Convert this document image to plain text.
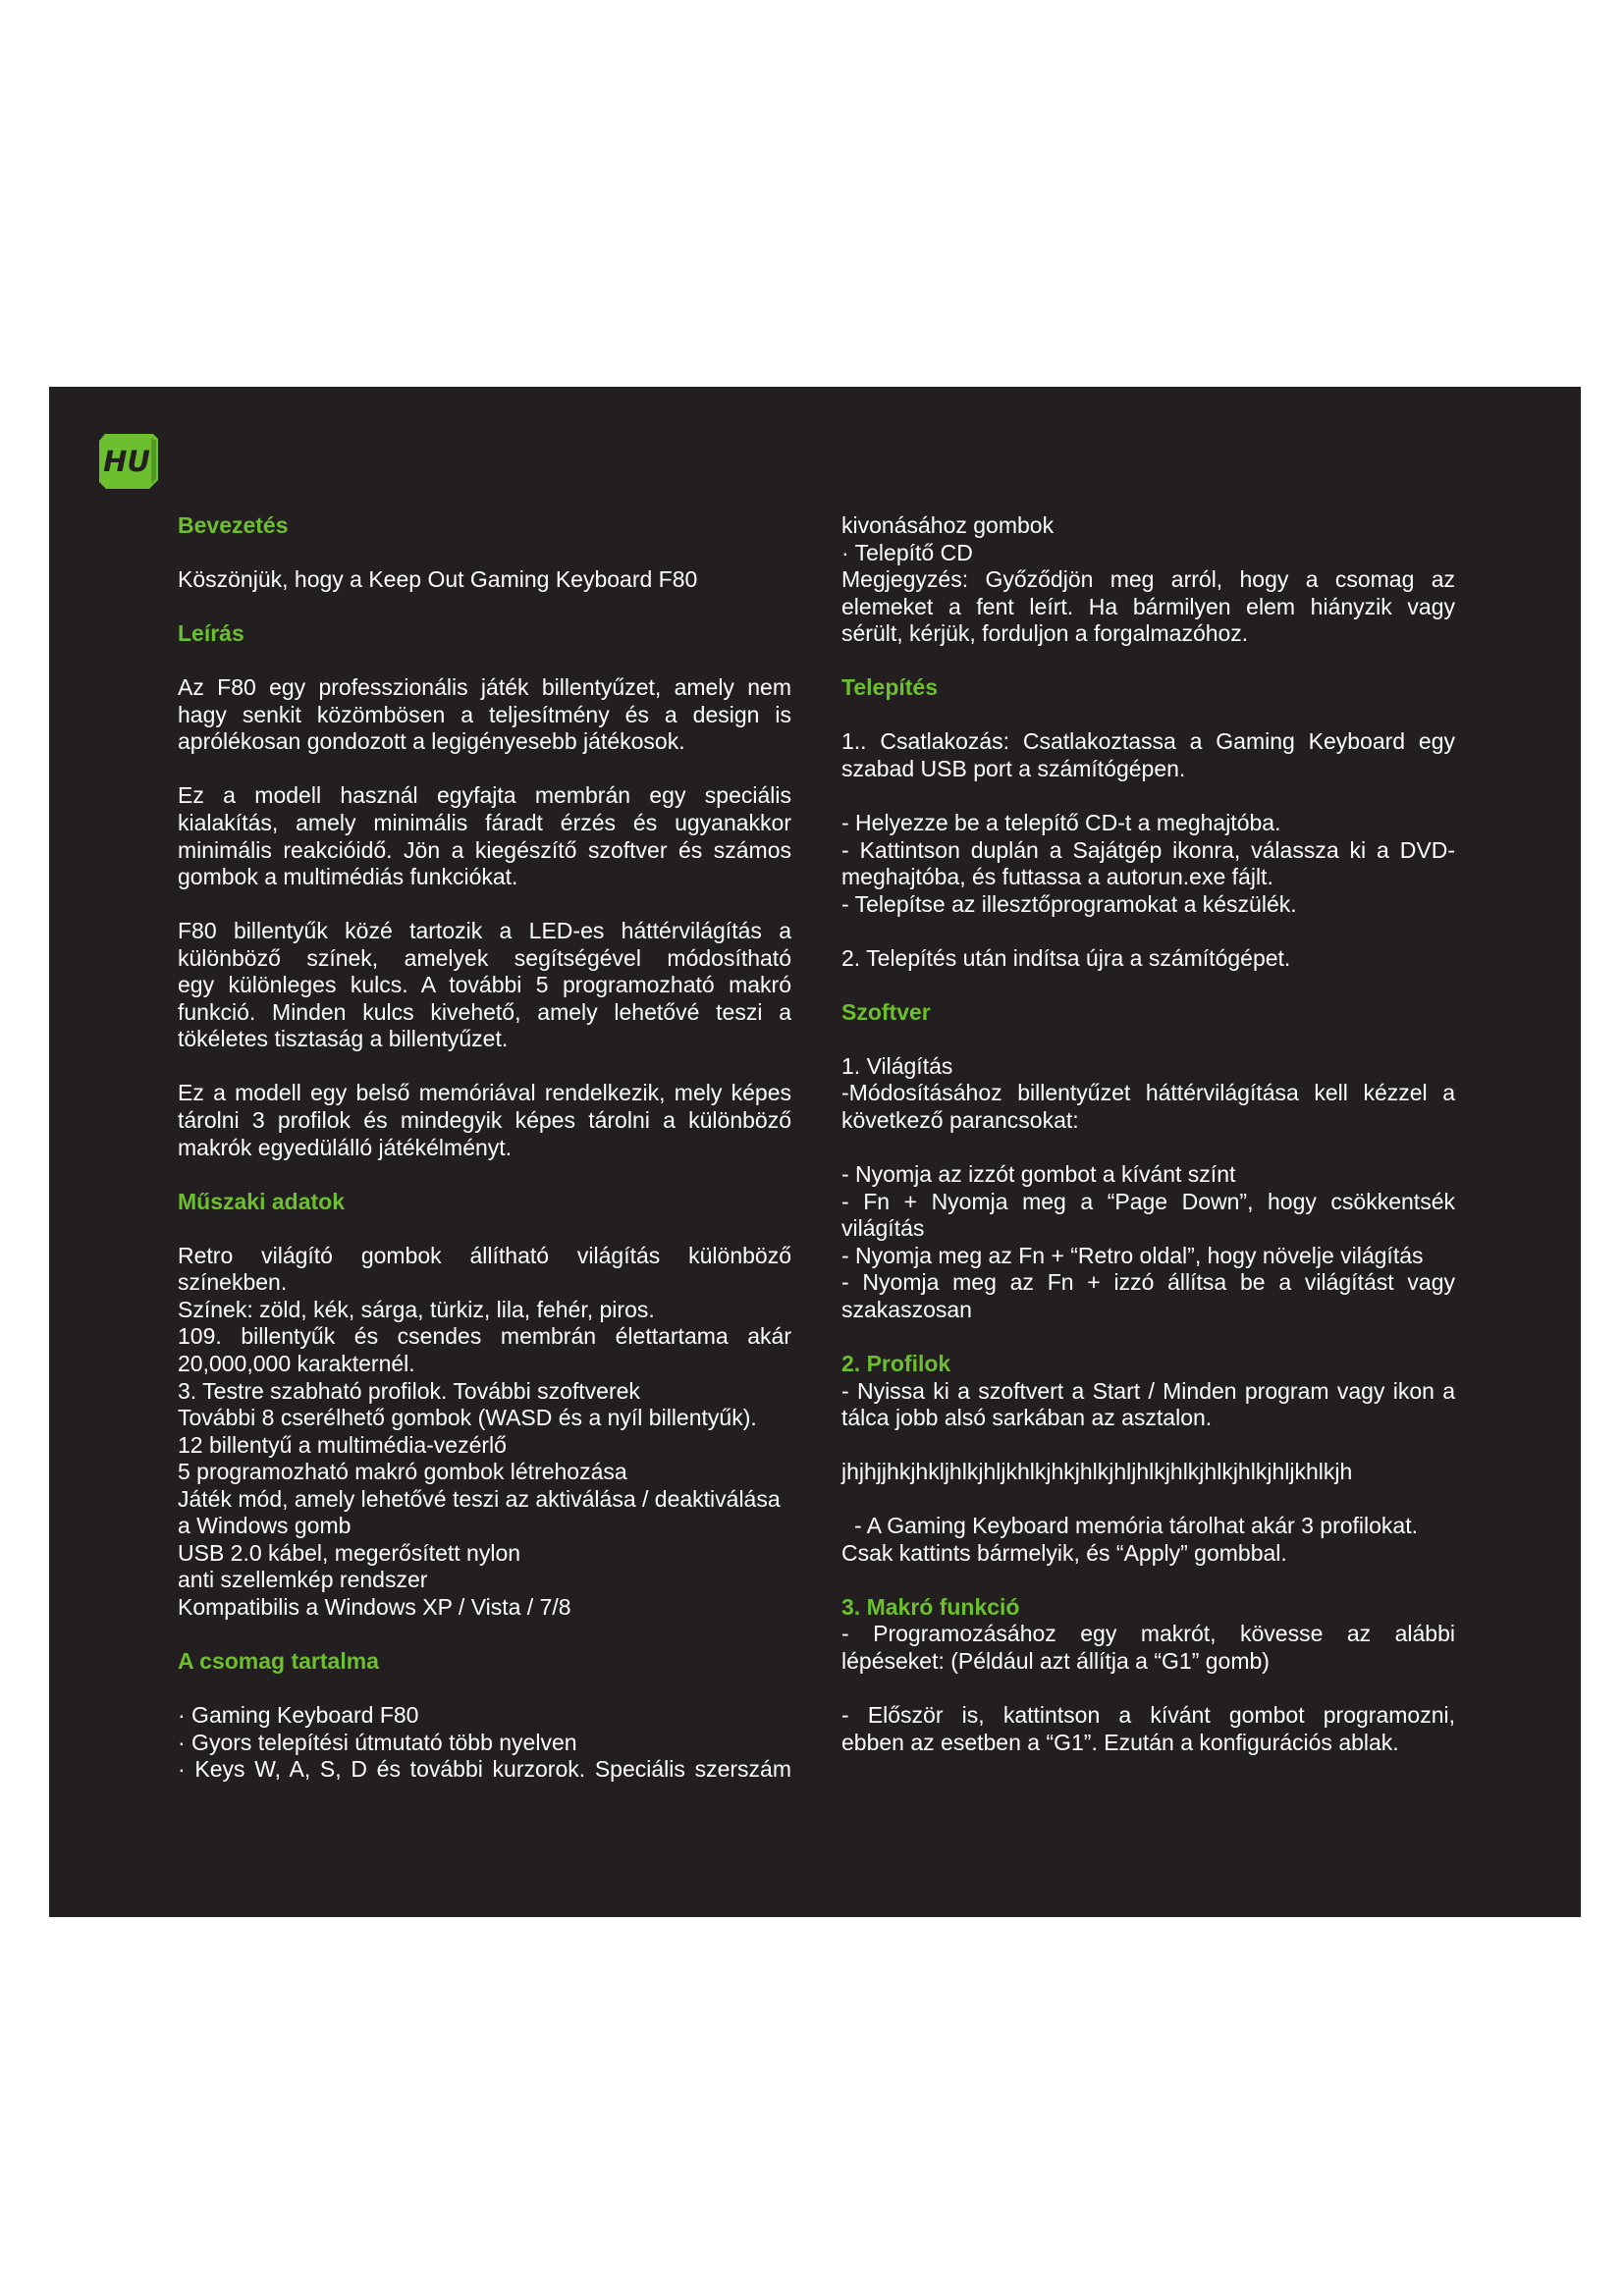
HU
Bevezetés
Köszönjük, hogy a Keep Out Gaming Keyboard F80
Leírás
Az F80 egy professzionális játék billentyűzet, amely nem
hagy senkit közömbösen a teljesítmény és a design is
aprólékosan gondozott a legigényesebb játékosok.
Ez a modell használ egyfajta membrán egy speciális
kialakítás, amely minimális fáradt érzés és ugyanakkor
minimális reakcióidő. Jön a kiegészítő szoftver és számos
gombok a multimédiás funkciókat.
F80 billentyűk közé tartozik a LED-es háttérvilágítás a
különböző színek, amelyek segítségével módosítható
egy különleges kulcs. A további 5 programozható makró
funkció. Minden kulcs kivehető, amely lehetővé teszi a
tökéletes tisztaság a billentyűzet.
Ez a modell egy belső memóriával rendelkezik, mely képes
tárolni 3 profilok és mindegyik képes tárolni a különböző
makrók egyedülálló játékélményt.
Műszaki adatok
Retro világító gombok állítható világítás különböző
színekben.
Színek: zöld, kék, sárga, türkiz, lila, fehér, piros.
109. billentyűk és csendes membrán élettartama akár
20,000,000 karakternél.
3. Testre szabható profilok. További szoftverek
További 8 cserélhető gombok (WASD és a nyíl billentyűk).
12 billentyű a multimédia-vezérlő
5 programozható makró gombok létrehozása
Játék mód, amely lehetővé teszi az aktiválása / deaktiválása
a Windows gomb
USB 2.0 kábel, megerősített nylon
anti szellemkép rendszer
Kompatibilis a Windows XP / Vista / 7/8
A csomag tartalma
· Gaming Keyboard F80
· Gyors telepítési útmutató több nyelven
· Keys W, A, S, D és további kurzorok. Speciális szerszám
kivonásához gombok
· Telepítő CD
Megjegyzés: Győződjön meg arról, hogy a csomag az
elemeket a fent leírt. Ha bármilyen elem hiányzik vagy
sérült, kérjük, forduljon a forgalmazóhoz.
Telepítés
1.. Csatlakozás: Csatlakoztassa a Gaming Keyboard egy
szabad USB port a számítógépen.
- Helyezze be a telepítő CD-t a meghajtóba.
- Kattintson duplán a Sajátgép ikonra, válassza ki a DVD-
meghajtóba, és futtassa a autorun.exe fájlt.
- Telepítse az illesztőprogramokat a készülék.
2. Telepítés után indítsa újra a számítógépet.
Szoftver
1. Világítás
-Módosításához billentyűzet háttérvilágítása kell kézzel a
következő parancsokat:
- Nyomja az izzót gombot a kívánt színt
- Fn + Nyomja meg a “Page Down”, hogy csökkentsék
világítás
- Nyomja meg az Fn + “Retro oldal”, hogy növelje világítás
- Nyomja meg az Fn + izzó állítsa be a világítást vagy
szakaszosan
2. Profilok
- Nyissa ki a szoftvert a Start / Minden program vagy ikon a
tálca jobb alsó sarkában az asztalon.
jhjhjjhkjhkljhlkjhljkhlkjhkjhlkjhljhlkjhlkjhlkjhlkjhljkhlkjh
- A Gaming Keyboard memória tárolhat akár 3 profilokat.
Csak kattints bármelyik, és “Apply” gombbal.
3. Makró funkció
- Programozásához egy makrót, kövesse az alábbi
lépéseket: (Például azt állítja a “G1” gomb)
- Először is, kattintson a kívánt gombot programozni,
ebben az esetben a “G1”. Ezután a konfigurációs ablak.
